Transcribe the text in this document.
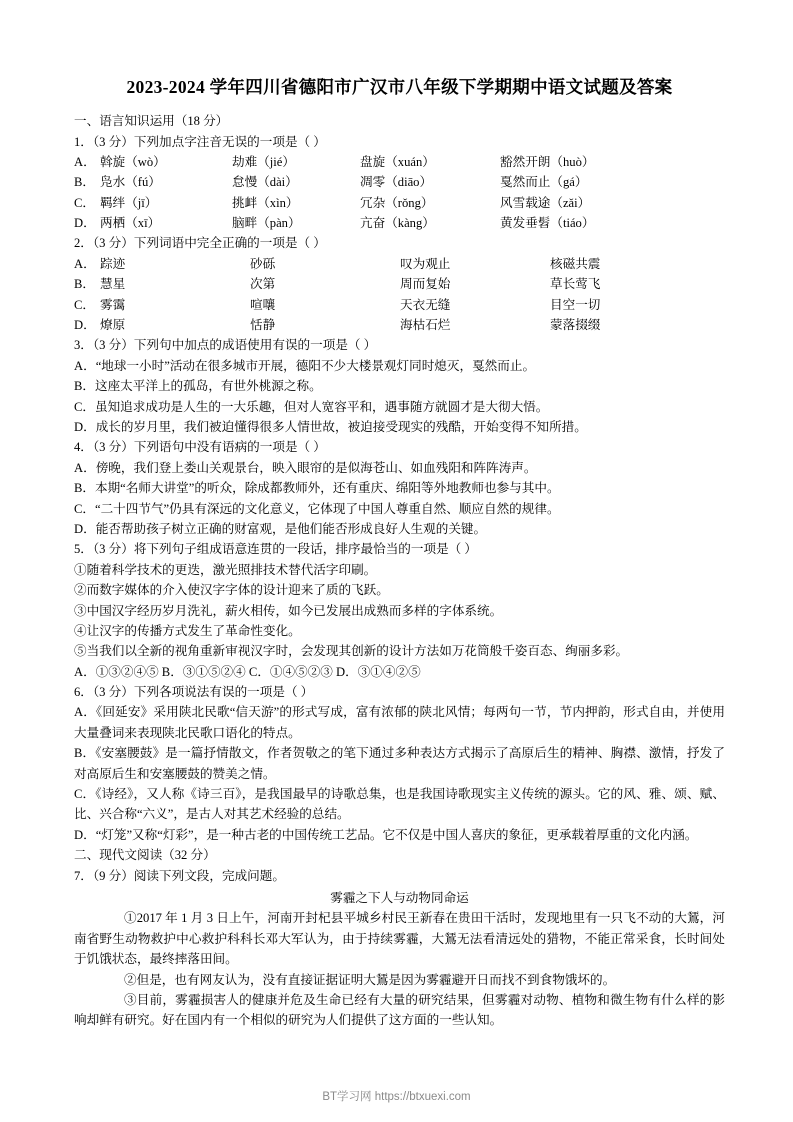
2023-2024 学年四川省德阳市广汉市八年级下学期期中语文试题及答案

一、语言知识运用（18 分）

1．（3 分）下列加点字注音无误的一项是（ ）

A． 斡旋（wò）	劫难（jié）	盘旋（xuán）	豁然开朗（huò）
B． 凫水（fú）	怠慢（dài）	凋零（diāo）	戛然而止（gá）
C． 羁绊（jī）	挑衅（xìn）	冗杂（rǒng）	风雪载途（zǎi）
D． 两栖（xī）	脑畔（pàn）	亢奋（kàng）	黄发垂髫（tiáo）

2．（3 分）下列词语中完全正确的一项是（ ）

A． 踪迹	砂砾	叹为观止	核磁共震
B． 慧星	次第	周而复始	草长莺飞
C． 雾霭	喧嚷	天衣无缝	目空一切
D． 燎原	恬静	海枯石烂	蒙落掇缀

3．（3 分）下列句中加点的成语使用有误的一项是（ ）

A．“地球一小时”活动在很多城市开展，德阳不少大楼景观灯同时熄灭，戛然而止。

B．这座太平洋上的孤岛，有世外桃源之称。

C．虽知追求成功是人生的一大乐趣，但对人宽容平和，遇事随方就圆才是大彻大悟。

D．成长的岁月里，我们被迫懂得很多人情世故，被迫接受现实的残酷，开始变得不知所措。

4．（3 分）下列语句中没有语病的一项是（ ）

A．傍晚，我们登上娄山关观景台，映入眼帘的是似海苍山、如血残阳和阵阵涛声。

B．本期“名师大讲堂”的听众，除成都教师外，还有重庆、绵阳等外地教师也参与其中。

C．“二十四节气”仍具有深远的文化意义，它体现了中国人尊重自然、顺应自然的规律。

D．能否帮助孩子树立正确的财富观，是他们能否形成良好人生观的关键。

5．（3 分）将下列句子组成语意连贯的一段话，排序最恰当的一项是（ ）

①随着科学技术的更迭，激光照排技术替代活字印刷。

②而数字媒体的介入使汉字字体的设计迎来了质的飞跃。

③中国汉字经历岁月洗礼，薪火相传，如今已发展出成熟而多样的字体系统。

④让汉字的传播方式发生了革命性变化。

⑤当我们以全新的视角重新审视汉字时，会发现其创新的设计方法如万花筒般千姿百态、绚丽多彩。

A．①③②④⑤ B．③①⑤②④ C．①④⑤②③ D．③①④②⑤

6．（3 分）下列各项说法有误的一项是（ ）

A．《回延安》采用陕北民歌“信天游”的形式写成，富有浓郁的陕北风情；每两句一节，节内押韵，形式自由，并使用大量叠词来表现陕北民歌口语化的特点。

B．《安塞腰鼓》是一篇抒情散文，作者贺敬之的笔下通过多种表达方式揭示了高原后生的精神、胸襟、激情，抒发了对高原后生和安塞腰鼓的赞美之情。

C．《诗经》，又人称《诗三百》，是我国最早的诗歌总集，也是我国诗歌现实主义传统的源头。它的风、雅、颂、赋、比、兴合称“六义”，是古人对其艺术经验的总结。

D．“灯笼”又称“灯彩”，是一种古老的中国传统工艺品。它不仅是中国人喜庆的象征，更承载着厚重的文化内涵。

二、现代文阅读（32 分）

7．（9 分）阅读下列文段，完成问题。

雾霾之下人与动物同命运

①2017 年 1 月 3 日上午，河南开封杞县平城乡村民王新春在贵田干活时，发现地里有一只飞不动的大鵟，河南省野生动物救护中心救护科科长邓大军认为，由于持续雾霾，大鵟无法看清远处的猎物，不能正常采食，长时间处于饥饿状态，最终摔落田间。

②但是，也有网友认为，没有直接证据证明大鵟是因为雾霾避开日而找不到食物饿坏的。

③目前，雾霾损害人的健康并危及生命已经有大量的研究结果，但雾霾对动物、植物和微生物有什么样的影响却鲜有研究。好在国内有一个相似的研究为人们提供了这方面的一些认知。

BT学习网 https://btxuexi.com
